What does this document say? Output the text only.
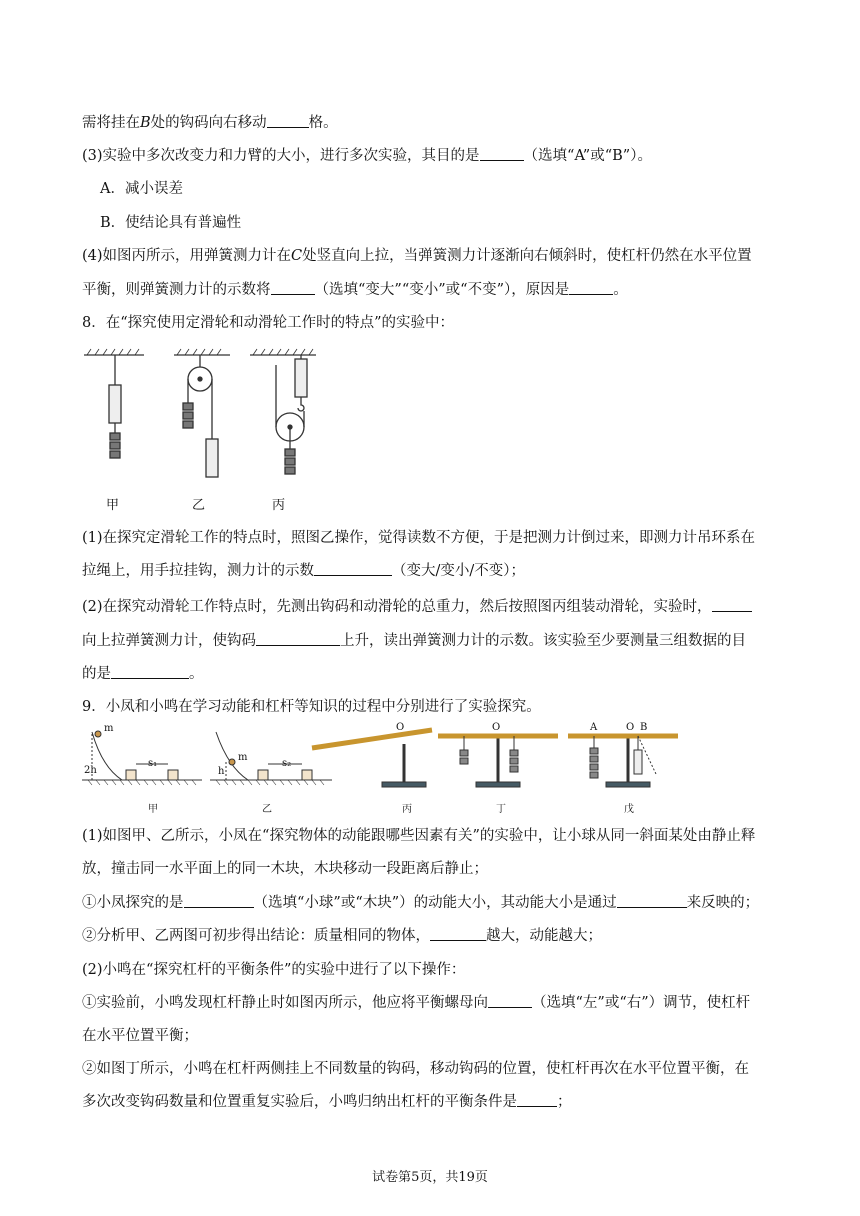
需将挂在B处的钩码向右移动	格。
(3)实验中多次改变力和力臂的大小，进行多次实验，其目的是	（选填“A”或“B”）。
A．减小误差
B．使结论具有普遍性
(4)如图丙所示，用弹簧测力计在C处竖直向上拉，当弹簧测力计逐渐向右倾斜时，使杠杆仍然在水平位置
平衡，则弹簧测力计的示数将	（选填“变大”“变小”或“不变”），原因是	。
8．在“探究使用定滑轮和动滑轮工作时的特点”的实验中：
甲	乙	丙
(1)在探究定滑轮工作的特点时，照图乙操作，觉得读数不方便，于是把测力计倒过来，即测力计吊环系在
拉绳上，用手拉挂钩，测力计的示数	（变大/变小/不变）；
(2)在探究动滑轮工作特点时，先测出钩码和动滑轮的总重力，然后按照图丙组装动滑轮，实验时，
向上拉弹簧测力计，使钩码	上升，读出弹簧测力计的示数。该实验至少要测量三组数据的目
的是	。
9．小凤和小鸣在学习动能和杠杆等知识的过程中分别进行了实验探究。
m
2h
s₁
m
h
s₂
O	O	A	O B
甲	乙	丙	丁	戊
(1)如图甲、乙所示，小凤在“探究物体的动能跟哪些因素有关”的实验中，让小球从同一斜面某处由静止释
放，撞击同一水平面上的同一木块，木块移动一段距离后静止；
①小凤探究的是	（选填“小球”或“木块”）的动能大小，其动能大小是通过	来反映的；
②分析甲、乙两图可初步得出结论：质量相同的物体，	越大，动能越大；
(2)小鸣在“探究杠杆的平衡条件”的实验中进行了以下操作：
①实验前，小鸣发现杠杆静止时如图丙所示，他应将平衡螺母向	（选填“左”或“右”）调节，使杠杆
在水平位置平衡；
②如图丁所示，小鸣在杠杆两侧挂上不同数量的钩码，移动钩码的位置，使杠杆再次在水平位置平衡，在
多次改变钩码数量和位置重复实验后，小鸣归纳出杠杆的平衡条件是	；
试卷第5页，共19页
